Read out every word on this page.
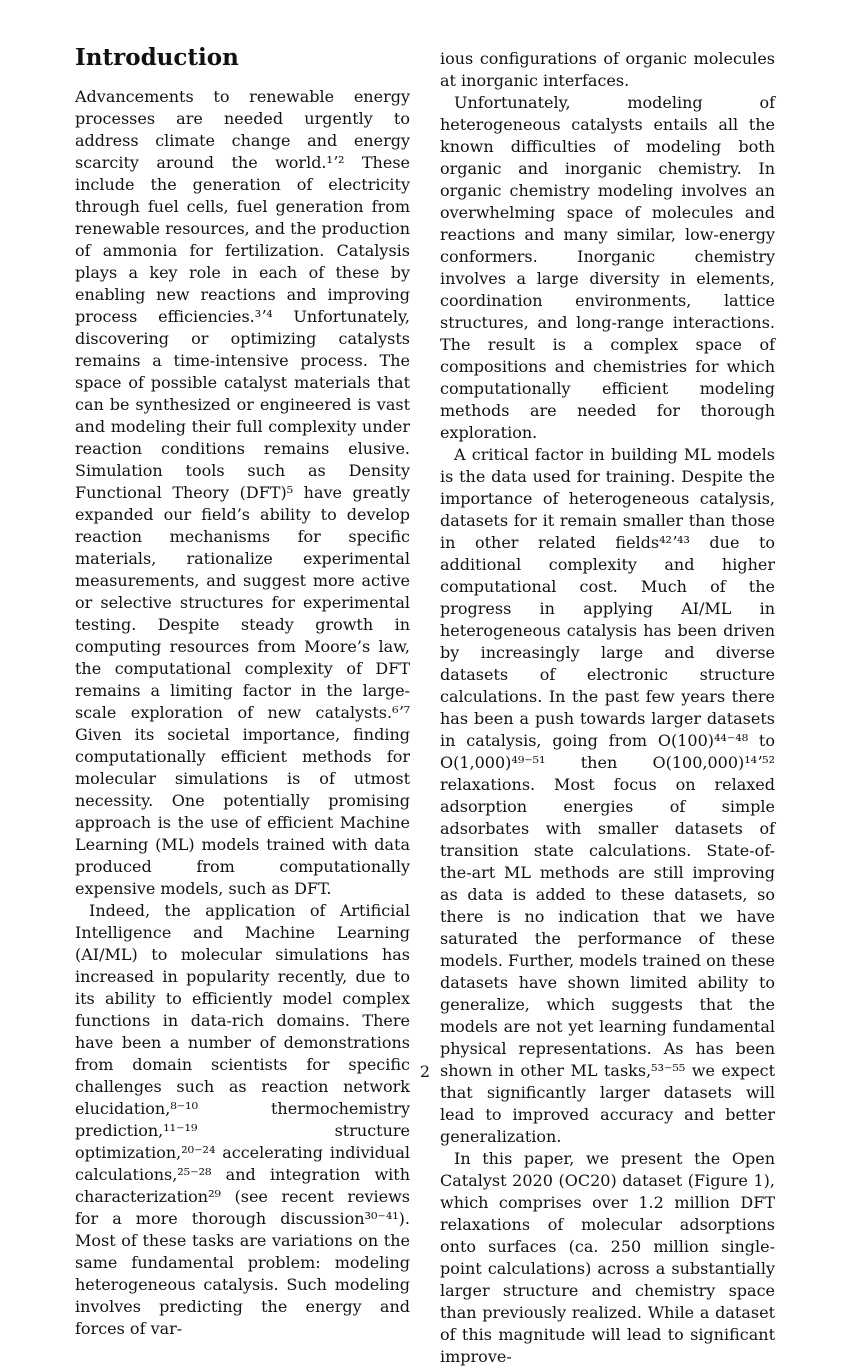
Introduction

Advancements to renewable energy processes are needed urgently to address climate change and energy scarcity around the world.¹ʼ² These include the generation of electricity through fuel cells, fuel generation from renewable resources, and the production of ammonia for fertilization. Catalysis plays a key role in each of these by enabling new reactions and improving process efficiencies.³ʼ⁴ Unfortunately, discovering or optimizing catalysts remains a time-intensive process. The space of possible catalyst materials that can be synthesized or engineered is vast and modeling their full complexity under reaction conditions remains elusive. Simulation tools such as Density Functional Theory (DFT)⁵ have greatly expanded our field’s ability to develop reaction mechanisms for specific materials, rationalize experimental measurements, and suggest more active or selective structures for experimental testing. Despite steady growth in computing resources from Moore’s law, the computational complexity of DFT remains a limiting factor in the large-scale exploration of new catalysts.⁶ʼ⁷ Given its societal importance, finding computationally efficient methods for molecular simulations is of utmost necessity. One potentially promising approach is the use of efficient Machine Learning (ML) models trained with data produced from computationally expensive models, such as DFT.

Indeed, the application of Artificial Intelligence and Machine Learning (AI/ML) to molecular simulations has increased in popularity recently, due to its ability to efficiently model complex functions in data-rich domains. There have been a number of demonstrations from domain scientists for specific challenges such as reaction network elucidation,⁸⁻¹⁰ thermochemistry prediction,¹¹⁻¹⁹ structure optimization,²⁰⁻²⁴ accelerating individual calculations,²⁵⁻²⁸ and integration with characterization²⁹ (see recent reviews for a more thorough discussion³⁰⁻⁴¹). Most of these tasks are variations on the same fundamental problem: modeling heterogeneous catalysis. Such modeling involves predicting the energy and forces of var-

ious configurations of organic molecules at inorganic interfaces.

Unfortunately, modeling of heterogeneous catalysts entails all the known difficulties of modeling both organic and inorganic chemistry. In organic chemistry modeling involves an overwhelming space of molecules and reactions and many similar, low-energy conformers. Inorganic chemistry involves a large diversity in elements, coordination environments, lattice structures, and long-range interactions. The result is a complex space of compositions and chemistries for which computationally efficient modeling methods are needed for thorough exploration.

A critical factor in building ML models is the data used for training. Despite the importance of heterogeneous catalysis, datasets for it remain smaller than those in other related fields⁴²ʼ⁴³ due to additional complexity and higher computational cost. Much of the progress in applying AI/ML in heterogeneous catalysis has been driven by increasingly large and diverse datasets of electronic structure calculations. In the past few years there has been a push towards larger datasets in catalysis, going from O(100)⁴⁴⁻⁴⁸ to O(1,000)⁴⁹⁻⁵¹ then O(100,000)¹⁴ʼ⁵² relaxations. Most focus on relaxed adsorption energies of simple adsorbates with smaller datasets of transition state calculations. State-of-the-art ML methods are still improving as data is added to these datasets, so there is no indication that we have saturated the performance of these models. Further, models trained on these datasets have shown limited ability to generalize, which suggests that the models are not yet learning fundamental physical representations. As has been shown in other ML tasks,⁵³⁻⁵⁵ we expect that significantly larger datasets will lead to improved accuracy and better generalization.

In this paper, we present the Open Catalyst 2020 (OC20) dataset (Figure 1), which comprises over 1.2 million DFT relaxations of molecular adsorptions onto surfaces (ca. 250 million single-point calculations) across a substantially larger structure and chemistry space than previously realized. While a dataset of this magnitude will lead to significant improve-

2
